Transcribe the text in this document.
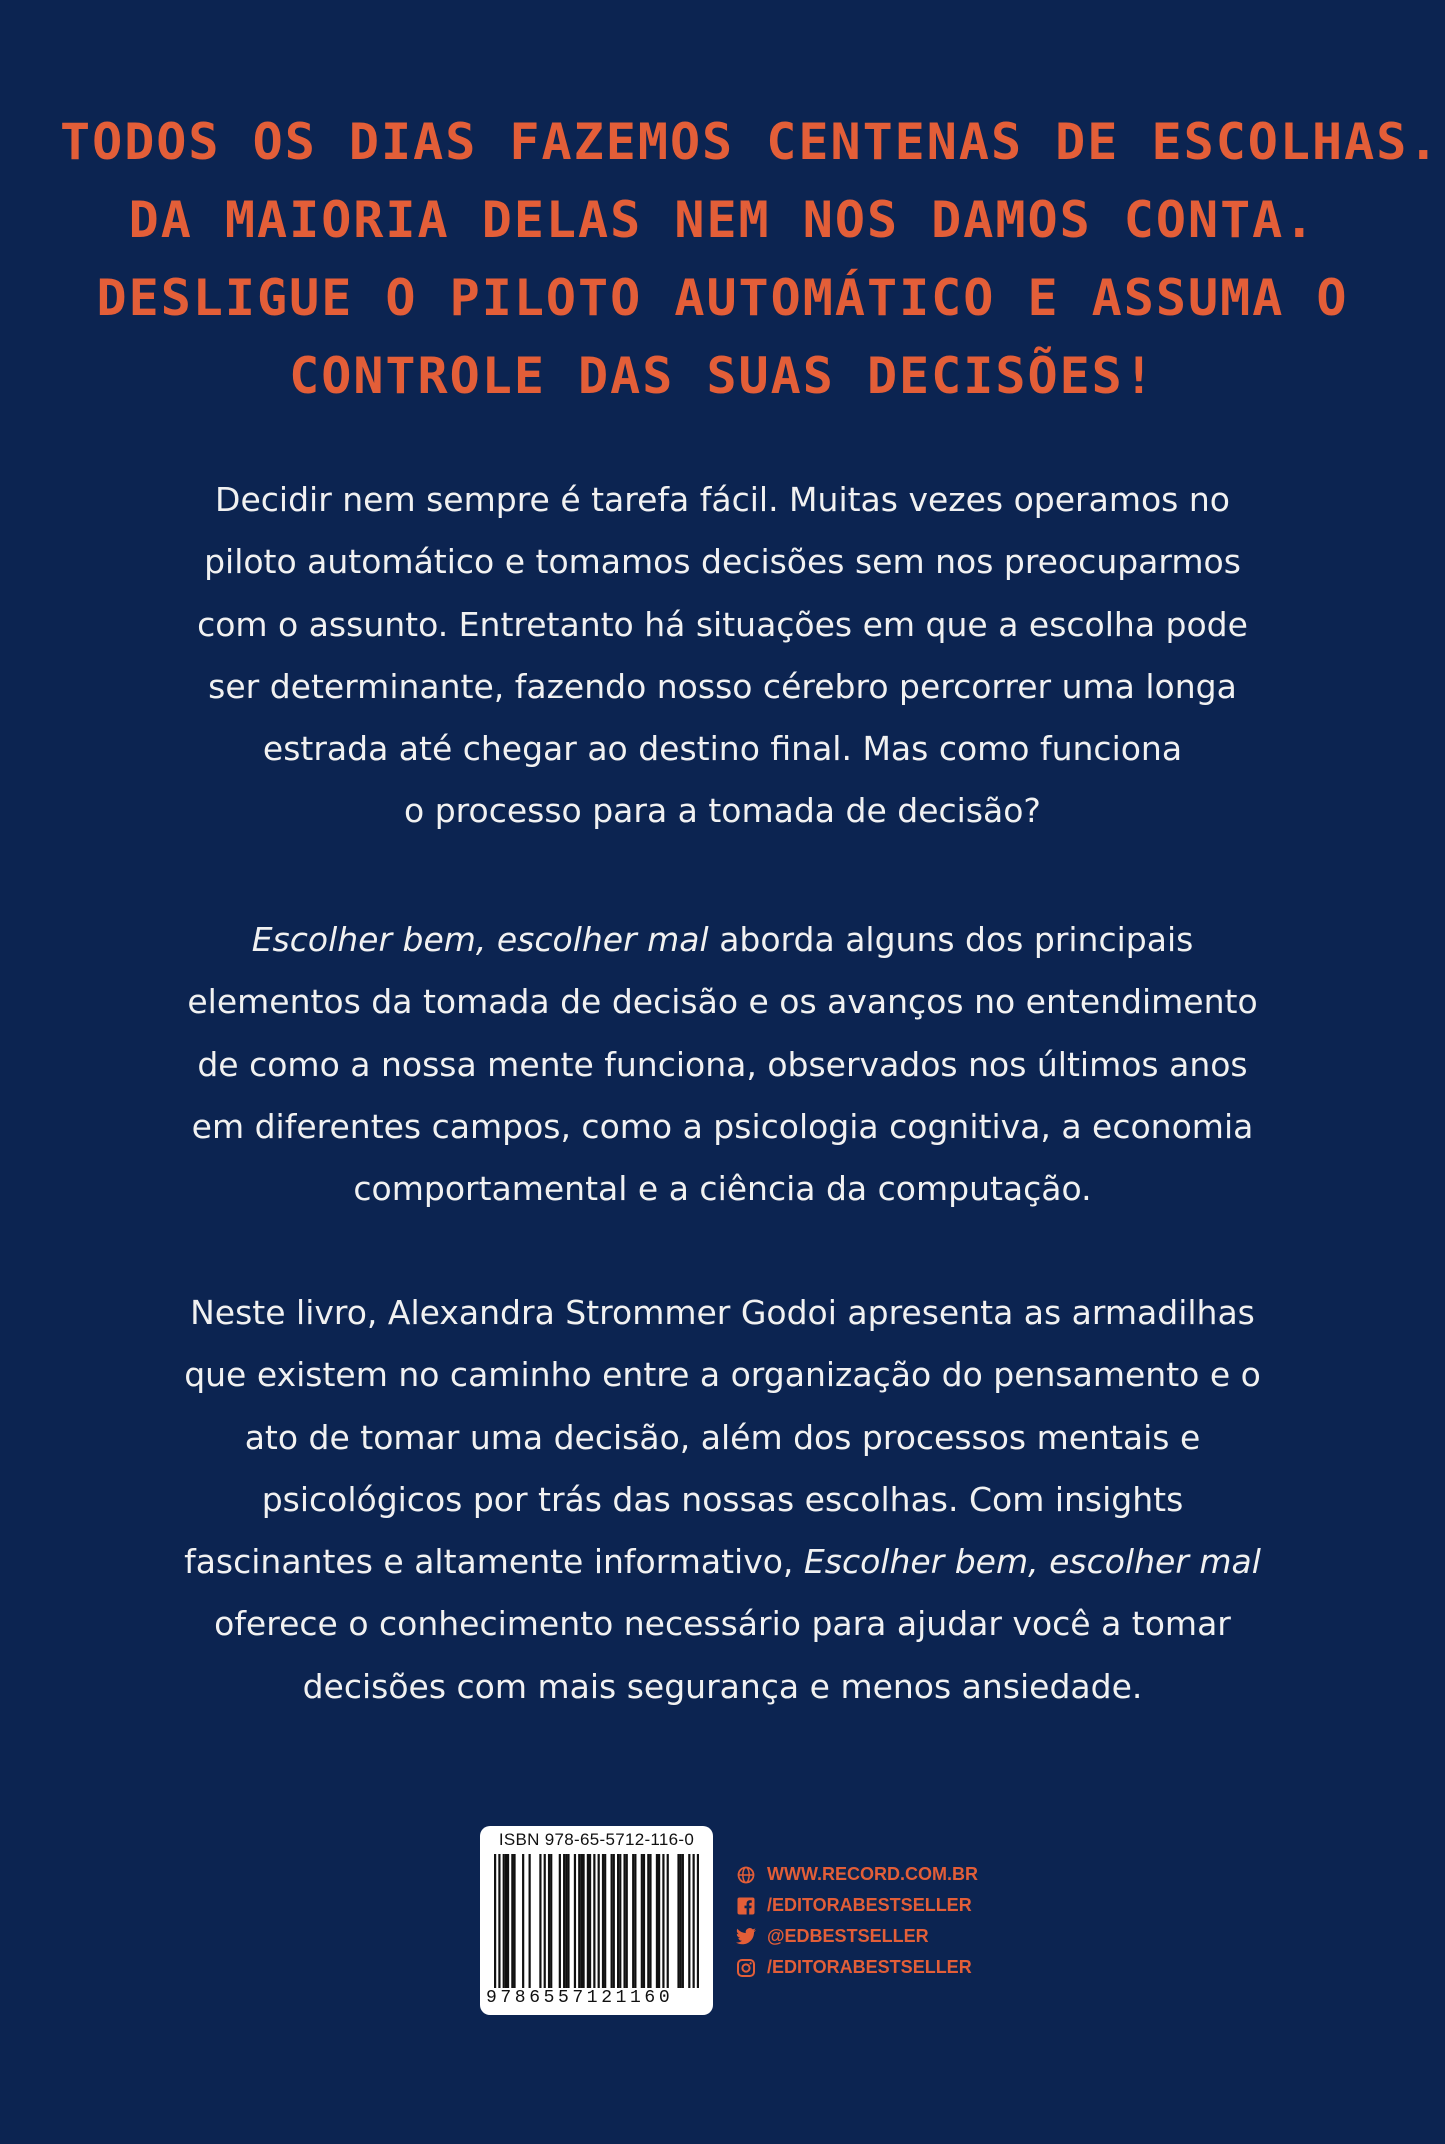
TODOS OS DIAS FAZEMOS CENTENAS DE ESCOLHAS.
DA MAIORIA DELAS NEM NOS DAMOS CONTA.
DESLIGUE O PILOTO AUTOMÁTICO E ASSUMA O
CONTROLE DAS SUAS DECISÕES!
Decidir nem sempre é tarefa fácil. Muitas vezes operamos no
piloto automático e tomamos decisões sem nos preocuparmos
com o assunto. Entretanto há situações em que a escolha pode
ser determinante, fazendo nosso cérebro percorrer uma longa
estrada até chegar ao destino final. Mas como funciona
o processo para a tomada de decisão?
Escolher bem, escolher mal aborda alguns dos principais
elementos da tomada de decisão e os avanços no entendimento
de como a nossa mente funciona, observados nos últimos anos
em diferentes campos, como a psicologia cognitiva, a economia
comportamental e a ciência da computação.
Neste livro, Alexandra Strommer Godoi apresenta as armadilhas
que existem no caminho entre a organização do pensamento e o
ato de tomar uma decisão, além dos processos mentais e
psicológicos por trás das nossas escolhas. Com insights
fascinantes e altamente informativo, Escolher bem, escolher mal
oferece o conhecimento necessário para ajudar você a tomar
decisões com mais segurança e menos ansiedade.
ISBN 978-65-5712-116-0
9786557121160
WWW.RECORD.COM.BR
/EDITORABESTSELLER
@EDBESTSELLER
/EDITORABESTSELLER
